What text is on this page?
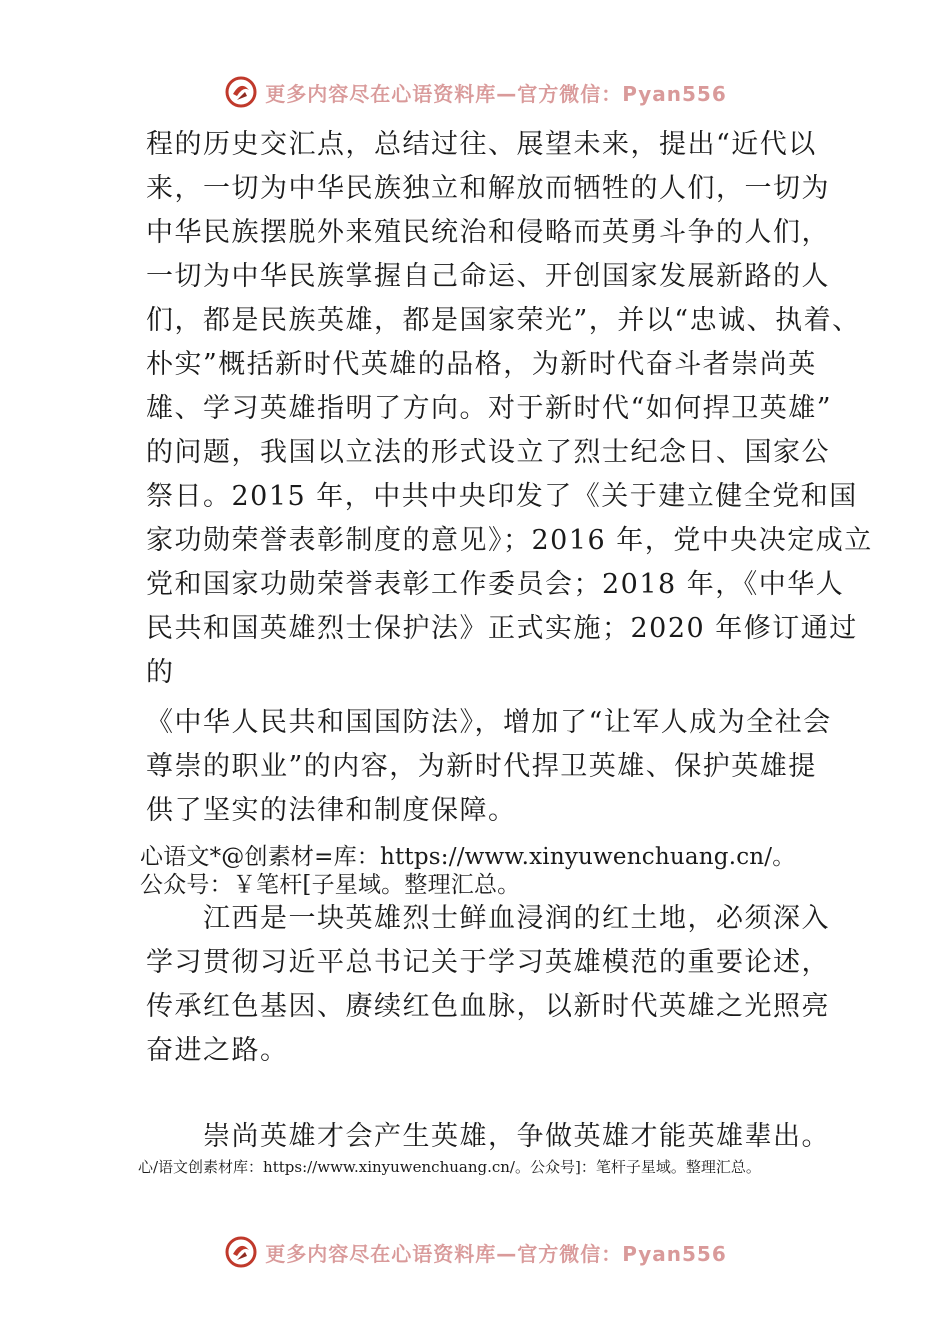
更多内容尽在心语资料库—官方微信：Pyan556
程的历史交汇点，总结过往、展望未来，提出“近代以
来，一切为中华民族独立和解放而牺牲的人们，一切为
中华民族摆脱外来殖民统治和侵略而英勇斗争的人们，
一切为中华民族掌握自己命运、开创国家发展新路的人
们，都是民族英雄，都是国家荣光”，并以“忠诚、执着、
朴实”概括新时代英雄的品格，为新时代奋斗者崇尚英
雄、学习英雄指明了方向。对于新时代“如何捍卫英雄”
的问题，我国以立法的形式设立了烈士纪念日、国家公
祭日。2015 年，中共中央印发了《关于建立健全党和国
家功勋荣誉表彰制度的意见》；2016 年，党中央决定成立
党和国家功勋荣誉表彰工作委员会；2018 年，《中华人
民共和国英雄烈士保护法》正式实施；2020 年修订通过
的
《中华人民共和国国防法》，增加了“让军人成为全社会
尊崇的职业”的内容，为新时代捍卫英雄、保护英雄提
供了坚实的法律和制度保障。
心语文*@创素材=库：https://www.xinyuwenchuang.cn/。
公众号：￥笔杆[子星域。整理汇总。
　　江西是一块英雄烈士鲜血浸润的红土地，必须深入
学习贯彻习近平总书记关于学习英雄模范的重要论述，
传承红色基因、赓续红色血脉，以新时代英雄之光照亮
奋进之路。
　　崇尚英雄才会产生英雄，争做英雄才能英雄辈出。
心/语文创素材库：https://www.xinyuwenchuang.cn/。公众号]：笔杆子星域。整理汇总。
更多内容尽在心语资料库—官方微信：Pyan556
